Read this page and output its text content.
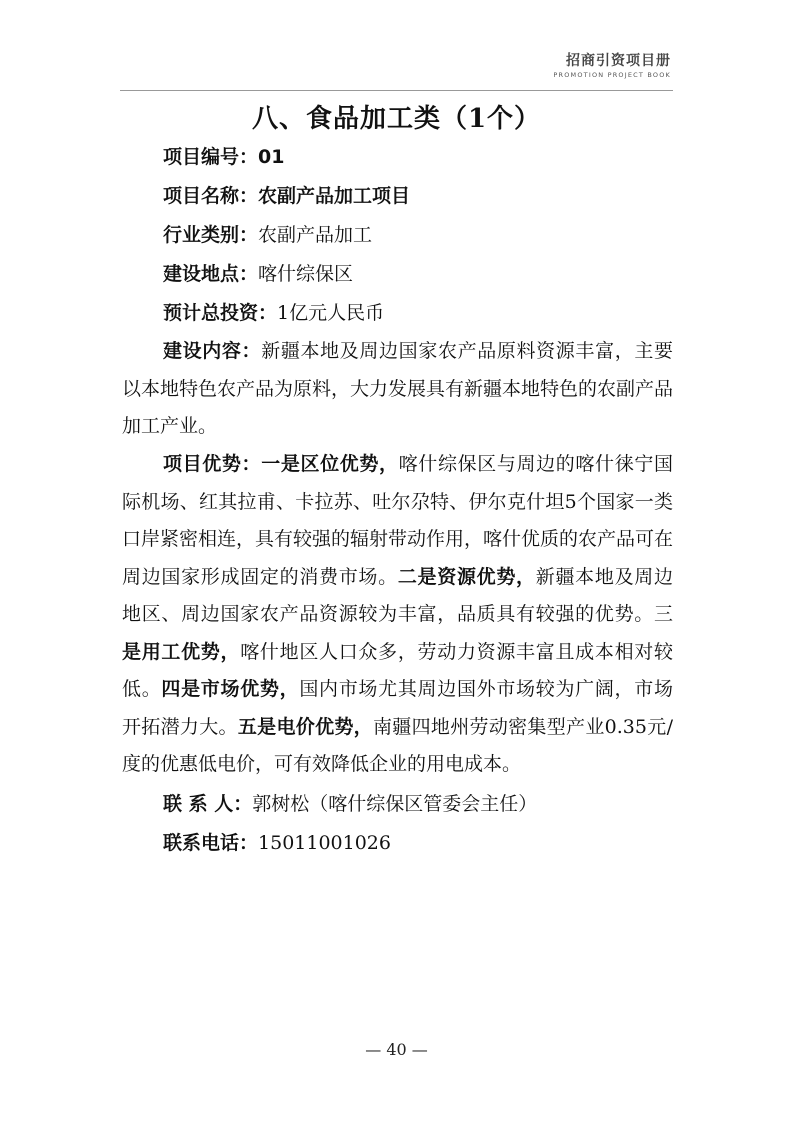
招商引资项目册
PROMOTION PROJECT BOOK
八、食品加工类（1个）
项目编号：01
项目名称：农副产品加工项目
行业类别：农副产品加工
建设地点：喀什综保区
预计总投资：1亿元人民币

建设内容：新疆本地及周边国家农产品原料资源丰富，主要以本地特色农产品为原料，大力发展具有新疆本地特色的农副产品加工产业。

项目优势：一是区位优势，喀什综保区与周边的喀什徕宁国际机场、红其拉甫、卡拉苏、吐尔尕特、伊尔克什坦5个国家一类口岸紧密相连，具有较强的辐射带动作用，喀什优质的农产品可在周边国家形成固定的消费市场。二是资源优势，新疆本地及周边地区、周边国家农产品资源较为丰富，品质具有较强的优势。三是用工优势，喀什地区人口众多，劳动力资源丰富且成本相对较低。四是市场优势，国内市场尤其周边国外市场较为广阔，市场开拓潜力大。五是电价优势，南疆四地州劳动密集型产业0.35元/度的优惠低电价，可有效降低企业的用电成本。

联 系 人：郭树松（喀什综保区管委会主任）
联系电话：15011001026
— 40 —
